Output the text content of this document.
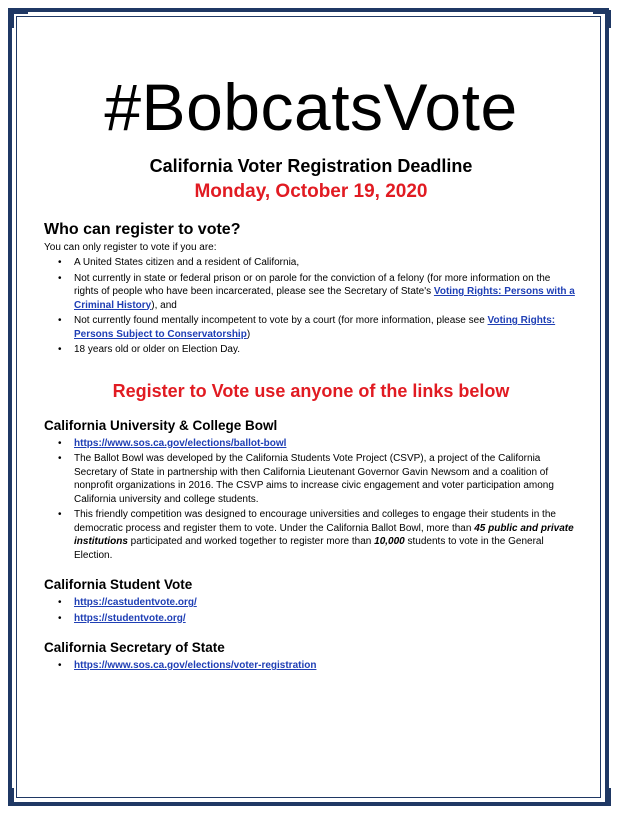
#BobcatsVote
California Voter Registration Deadline
Monday, October 19, 2020
Who can register to vote?
You can only register to vote if you are:
• A United States citizen and a resident of California,
• Not currently in state or federal prison or on parole for the conviction of a felony (for more information on the rights of people who have been incarcerated, please see the Secretary of State's Voting Rights: Persons with a Criminal History), and
• Not currently found mentally incompetent to vote by a court (for more information, please see Voting Rights: Persons Subject to Conservatorship)
• 18 years old or older on Election Day.
Register to Vote use anyone of the links below
California University & College Bowl
• https://www.sos.ca.gov/elections/ballot-bowl
• The Ballot Bowl was developed by the California Students Vote Project (CSVP), a project of the California Secretary of State in partnership with then California Lieutenant Governor Gavin Newsom and a coalition of nonprofit organizations in 2016. The CSVP aims to increase civic engagement and voter participation among California university and college students.
• This friendly competition was designed to encourage universities and colleges to engage their students in the democratic process and register them to vote. Under the California Ballot Bowl, more than 45 public and private institutions participated and worked together to register more than 10,000 students to vote in the General Election.
California Student Vote
• https://castudentvote.org/
• https://studentvote.org/
California Secretary of State
• https://www.sos.ca.gov/elections/voter-registration
